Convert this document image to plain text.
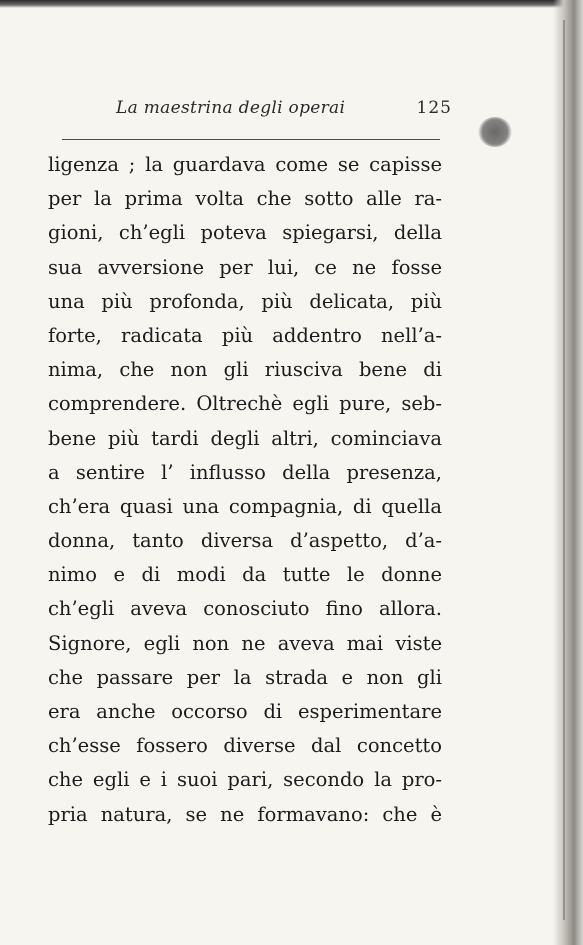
La maestrina degli operai	125
ligenza ; la guardava come se capisse
per la prima volta che sotto alle ra-
gioni, ch’egli poteva spiegarsi, della
sua avversione per lui, ce ne fosse
una più profonda, più delicata, più
forte, radicata più addentro nell’a-
nima, che non gli riusciva bene di
comprendere. Oltrechè egli pure, seb-
bene più tardi degli altri, cominciava
a sentire l’ influsso della presenza,
ch’era quasi una compagnia, di quella
donna, tanto diversa d’aspetto, d’a-
nimo e di modi da tutte le donne
ch’egli aveva conosciuto fino allora.
Signore, egli non ne aveva mai viste
che passare per la strada e non gli
era anche occorso di esperimentare
ch’esse fossero diverse dal concetto
che egli e i suoi pari, secondo la pro-
pria natura, se ne formavano: che è
